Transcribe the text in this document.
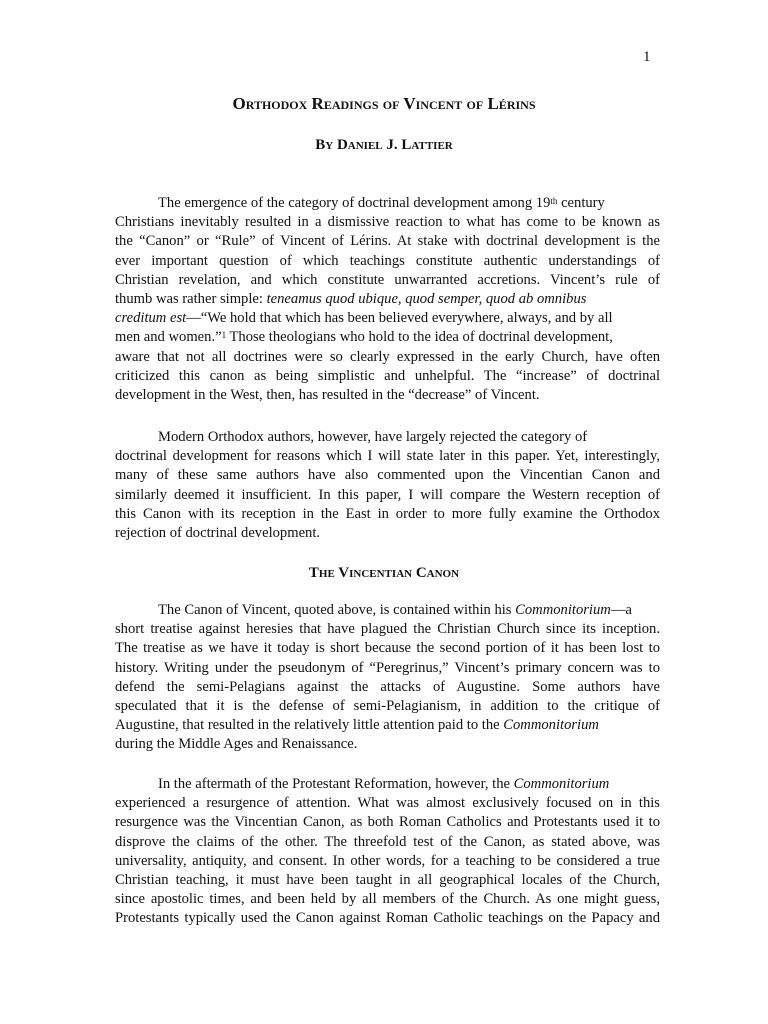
1

Orthodox Readings of Vincent of Lérins

By Daniel J. Lattier

The emergence of the category of doctrinal development among 19th century
Christians inevitably resulted in a dismissive reaction to what has come to be known as
the “Canon” or “Rule” of Vincent of Lérins. At stake with doctrinal development is the
ever important question of which teachings constitute authentic understandings of
Christian revelation, and which constitute unwarranted accretions. Vincent’s rule of
thumb was rather simple: teneamus quod ubique, quod semper, quod ab omnibus
creditum est—“We hold that which has been believed everywhere, always, and by all
men and women.”$^1$ Those theologians who hold to the idea of doctrinal development,
aware that not all doctrines were so clearly expressed in the early Church, have often
criticized this canon as being simplistic and unhelpful. The “increase” of doctrinal
development in the West, then, has resulted in the “decrease” of Vincent.
Modern Orthodox authors, however, have largely rejected the category of
doctrinal development for reasons which I will state later in this paper. Yet, interestingly,
many of these same authors have also commented upon the Vincentian Canon and
similarly deemed it insufficient. In this paper, I will compare the Western reception of
this Canon with its reception in the East in order to more fully examine the Orthodox
rejection of doctrinal development.
The Vincentian Canon
The Canon of Vincent, quoted above, is contained within his Commonitorium—a
short treatise against heresies that have plagued the Christian Church since its inception.
The treatise as we have it today is short because the second portion of it has been lost to
history. Writing under the pseudonym of “Peregrinus,” Vincent’s primary concern was to
defend the semi-Pelagians against the attacks of Augustine. Some authors have
speculated that it is the defense of semi-Pelagianism, in addition to the critique of
Augustine, that resulted in the relatively little attention paid to the Commonitorium
during the Middle Ages and Renaissance.
In the aftermath of the Protestant Reformation, however, the Commonitorium
experienced a resurgence of attention. What was almost exclusively focused on in this
resurgence was the Vincentian Canon, as both Roman Catholics and Protestants used it to
disprove the claims of the other. The threefold test of the Canon, as stated above, was
universality, antiquity, and consent. In other words, for a teaching to be considered a true
Christian teaching, it must have been taught in all geographical locales of the Church,
since apostolic times, and been held by all members of the Church. As one might guess,
Protestants typically used the Canon against Roman Catholic teachings on the Papacy and
